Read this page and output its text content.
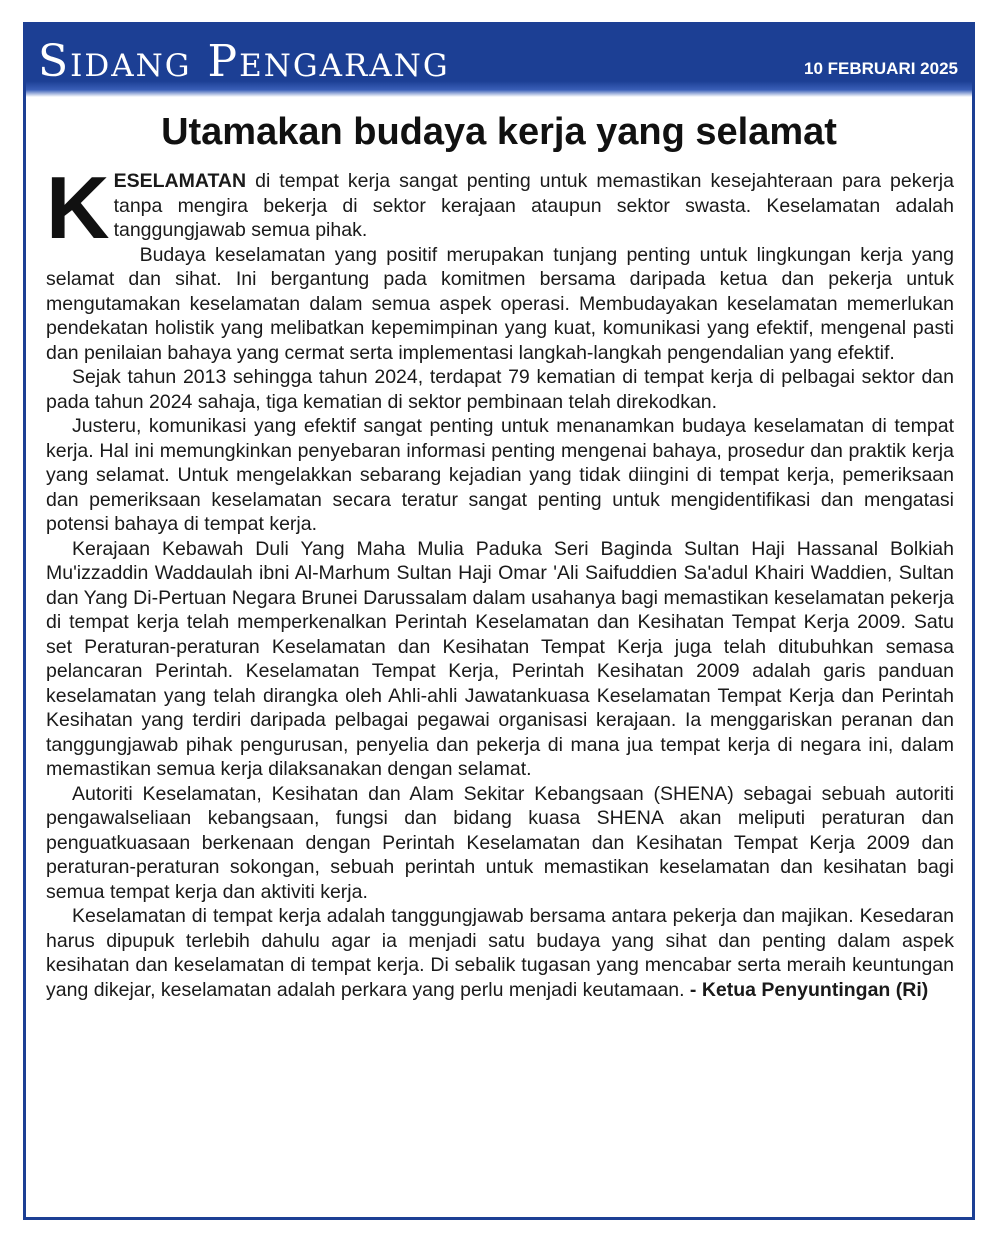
Sidang Pengarang	10 FEBRUARI 2025
Utamakan budaya kerja yang selamat

KESELAMATAN di tempat kerja sangat penting untuk memastikan kesejahteraan para pekerja tanpa mengira bekerja di sektor kerajaan ataupun sektor swasta. Keselamatan adalah tanggungjawab semua pihak.

Budaya keselamatan yang positif merupakan tunjang penting untuk lingkungan kerja yang selamat dan sihat. Ini bergantung pada komitmen bersama daripada ketua dan pekerja untuk mengutamakan keselamatan dalam semua aspek operasi. Membudayakan keselamatan memerlukan pendekatan holistik yang melibatkan kepemimpinan yang kuat, komunikasi yang efektif, mengenal pasti dan penilaian bahaya yang cermat serta implementasi langkah-langkah pengendalian yang efektif.

Sejak tahun 2013 sehingga tahun 2024, terdapat 79 kematian di tempat kerja di pelbagai sektor dan pada tahun 2024 sahaja, tiga kematian di sektor pembinaan telah direkodkan.

Justeru, komunikasi yang efektif sangat penting untuk menanamkan budaya keselamatan di tempat kerja. Hal ini memungkinkan penyebaran informasi penting mengenai bahaya, prosedur dan praktik kerja yang selamat. Untuk mengelakkan sebarang kejadian yang tidak diingini di tempat kerja, pemeriksaan dan pemeriksaan keselamatan secara teratur sangat penting untuk mengidentifikasi dan mengatasi potensi bahaya di tempat kerja.

Kerajaan Kebawah Duli Yang Maha Mulia Paduka Seri Baginda Sultan Haji Hassanal Bolkiah Mu'izzaddin Waddaulah ibni Al-Marhum Sultan Haji Omar 'Ali Saifuddien Sa'adul Khairi Waddien, Sultan dan Yang Di-Pertuan Negara Brunei Darussalam dalam usahanya bagi memastikan keselamatan pekerja di tempat kerja telah memperkenalkan Perintah Keselamatan dan Kesihatan Tempat Kerja 2009. Satu set Peraturan-peraturan Keselamatan dan Kesihatan Tempat Kerja juga telah ditubuhkan semasa pelancaran Perintah. Keselamatan Tempat Kerja, Perintah Kesihatan 2009 adalah garis panduan keselamatan yang telah dirangka oleh Ahli-ahli Jawatankuasa Keselamatan Tempat Kerja dan Perintah Kesihatan yang terdiri daripada pelbagai pegawai organisasi kerajaan. Ia menggariskan peranan dan tanggungjawab pihak pengurusan, penyelia dan pekerja di mana jua tempat kerja di negara ini, dalam memastikan semua kerja dilaksanakan dengan selamat.

Autoriti Keselamatan, Kesihatan dan Alam Sekitar Kebangsaan (SHENA) sebagai sebuah autoriti pengawalseliaan kebangsaan, fungsi dan bidang kuasa SHENA akan meliputi peraturan dan penguatkuasaan berkenaan dengan Perintah Keselamatan dan Kesihatan Tempat Kerja 2009 dan peraturan-peraturan sokongan, sebuah perintah untuk memastikan keselamatan dan kesihatan bagi semua tempat kerja dan aktiviti kerja.

Keselamatan di tempat kerja adalah tanggungjawab bersama antara pekerja dan majikan. Kesedaran harus dipupuk terlebih dahulu agar ia menjadi satu budaya yang sihat dan penting dalam aspek kesihatan dan keselamatan di tempat kerja. Di sebalik tugasan yang mencabar serta meraih keuntungan yang dikejar, keselamatan adalah perkara yang perlu menjadi keutamaan. - Ketua Penyuntingan (Ri)
